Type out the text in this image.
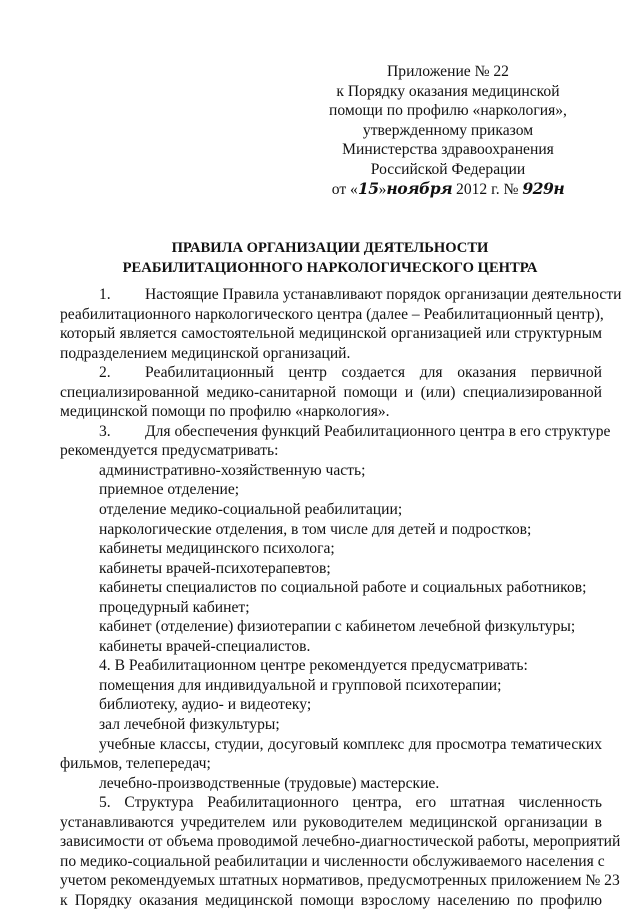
Приложение № 22
к Порядку оказания медицинской
помощи по профилю «наркология»,
утвержденному приказом
Министерства здравоохранения
Российской Федерации
от «15»ноября 2012 г. № 929н
ПРАВИЛА ОРГАНИЗАЦИИ ДЕЯТЕЛЬНОСТИ
РЕАБИЛИТАЦИОННОГО НАРКОЛОГИЧЕСКОГО ЦЕНТРА
1. Настоящие Правила устанавливают порядок организации деятельности
реабилитационного наркологического центра (далее – Реабилитационный центр),
который является самостоятельной медицинской организацией или структурным
подразделением медицинской организаций.
2. Реабилитационный центр создается для оказания первичной
специализированной медико-санитарной помощи и (или) специализированной
медицинской помощи по профилю «наркология».
3. Для обеспечения функций Реабилитационного центра в его структуре
рекомендуется предусматривать:
административно-хозяйственную часть;
приемное отделение;
отделение медико-социальной реабилитации;
наркологические отделения, в том числе для детей и подростков;
кабинеты медицинского психолога;
кабинеты врачей-психотерапевтов;
кабинеты специалистов по социальной работе и социальных работников;
процедурный кабинет;
кабинет (отделение) физиотерапии с кабинетом лечебной физкультуры;
кабинеты врачей-специалистов.
4. В Реабилитационном центре рекомендуется предусматривать:
помещения для индивидуальной и групповой психотерапии;
библиотеку, аудио- и видеотеку;
зал лечебной физкультуры;
учебные классы, студии, досуговый комплекс для просмотра тематических
фильмов, телепередач;
лечебно-производственные (трудовые) мастерские.
5. Структура Реабилитационного центра, его штатная численность
устанавливаются учредителем или руководителем медицинской организации в
зависимости от объема проводимой лечебно-диагностической работы, мероприятий
по медико-социальной реабилитации и численности обслуживаемого населения с
учетом рекомендуемых штатных нормативов, предусмотренных приложением № 23
к Порядку оказания медицинской помощи взрослому населению по профилю
